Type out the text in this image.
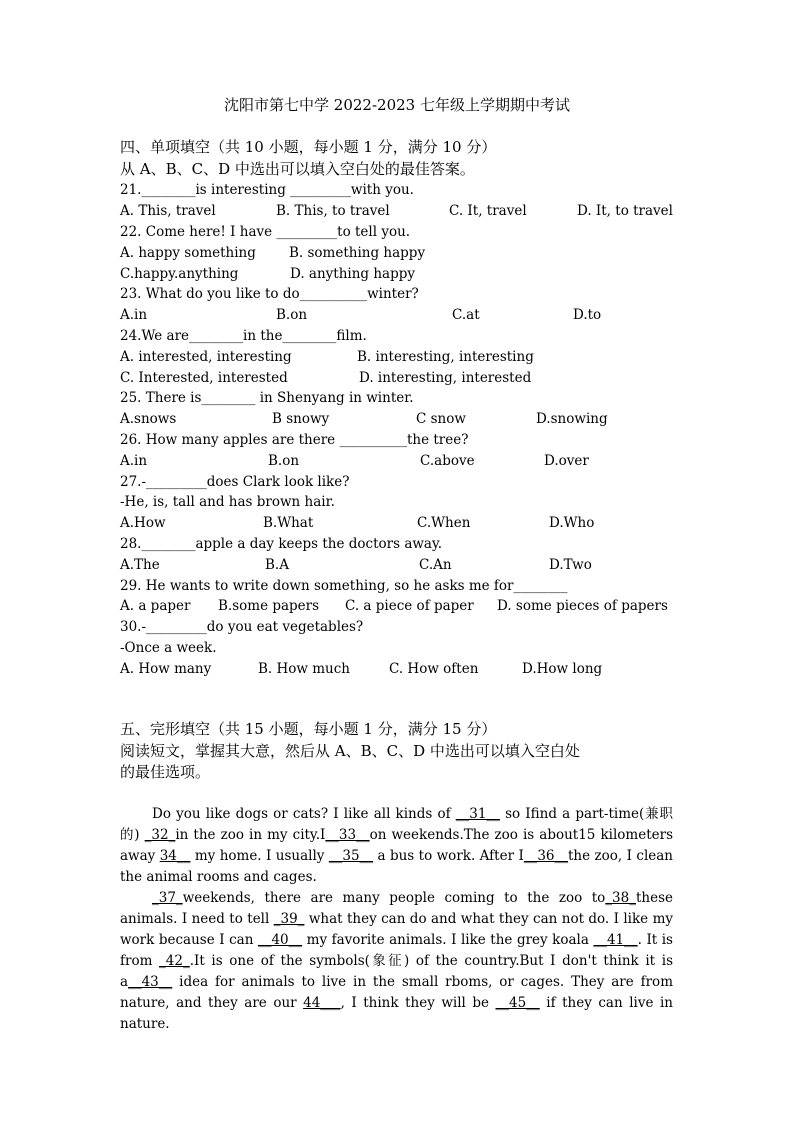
沈阳市第七中学 2022-2023 七年级上学期期中考试
四、单项填空（共 10 小题，每小题 1 分，满分 10 分）
从 A、B、C、D 中选出可以填入空白处的最佳答案。
21.________is interesting _________with you.
A. This, travel	B. This, to travel	C. It, travel	D. It, to travel
22. Come here! I have _________to tell you.
A. happy something B. something happy
C.happy.anything	D. anything happy
23. What do you like to do__________winter?
A.in	B.on	C.at	D.to
24.We are________in the________film.
A. interested, interesting	B. interesting, interesting
C. Interested, interested	D. interesting, interested
25. There is________ in Shenyang in winter.
A.snows	B snowy	C snow	D.snowing
26. How many apples are there __________the tree?
A.in	B.on	C.above	D.over
27.-_________does Clark look like?
-He, is, tall and has brown hair.
A.How	B.What	C.When	D.Who
28.________apple a day keeps the doctors away.
A.The	B.A	C.An	D.Two
29. He wants to write down something, so he asks me for________
A. a paper B.some papers C. a piece of paper D. some pieces of papers
30.-_________do you eat vegetables?
-Once a week.
A. How many	B. How much	C. How often	D.How long
五、完形填空（共 15 小题，每小题 1 分，满分 15 分）
阅读短文，掌握其大意，然后从 A、B、C、D 中选出可以填入空白处
的最佳选项。
Do you like dogs or cats? I like all kinds of __31__ so Ifind a part-time(兼职的) _32_in the zoo in my city.I__33__on weekends.The zoo is about15 kilometers away 34__ my home. I usually __35__ a bus to work. After I__36__the zoo, I clean the animal rooms and cages.
_37_weekends, there are many people coming to the zoo to_38_these animals. I need to tell _39_ what they can do and what they can not do. I like my work because I can __40__ my favorite animals. I like the grey koala __41__. It is from _42_.It is one of the symbols(象征) of the country.But I don't think it is a__43__ idea for animals to live in the small rboms, or cages. They are from nature, and they are our 44___, I think they will be __45__ if they can live in nature.
